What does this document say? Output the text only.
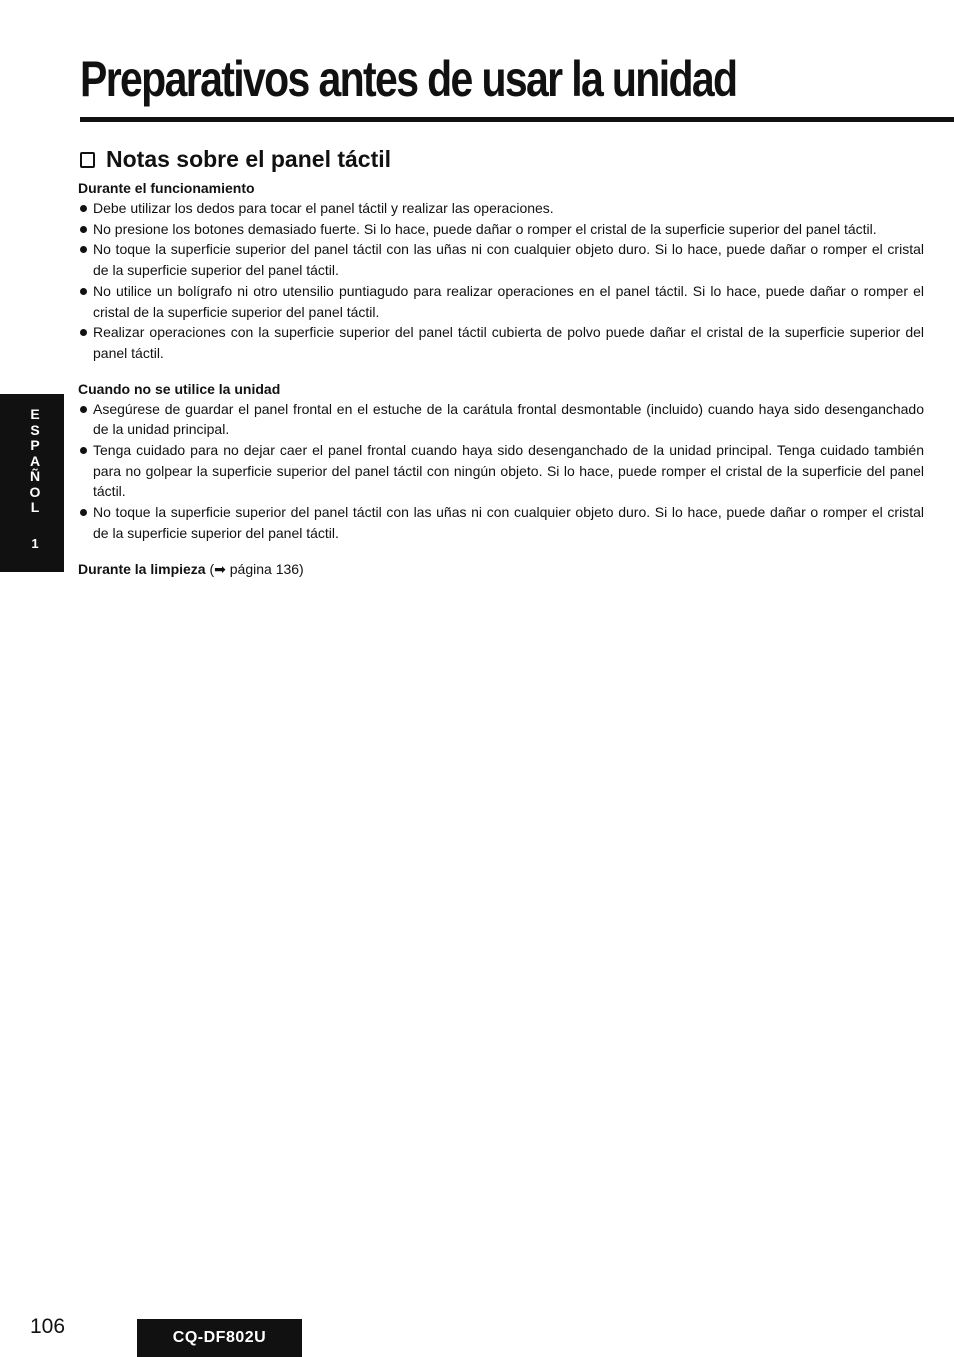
Preparativos antes de usar la unidad
Notas sobre el panel táctil

Durante el funcionamiento

Debe utilizar los dedos para tocar el panel táctil y realizar las operaciones.
No presione los botones demasiado fuerte. Si lo hace, puede dañar o romper el cristal de la superficie superior del panel táctil.
No toque la superficie superior del panel táctil con las uñas ni con cualquier objeto duro. Si lo hace, puede dañar o romper el cristal de la superficie superior del panel táctil.
No utilice un bolígrafo ni otro utensilio puntiagudo para realizar operaciones en el panel táctil. Si lo hace, puede dañar o romper el cristal de la superficie superior del panel táctil.
Realizar operaciones con la superficie superior del panel táctil cubierta de polvo puede dañar el cristal de la superficie superior del panel táctil.

Cuando no se utilice la unidad

Asegúrese de guardar el panel frontal en el estuche de la carátula frontal desmontable (incluido) cuando haya sido desenganchado de la unidad principal.
Tenga cuidado para no dejar caer el panel frontal cuando haya sido desenganchado de la unidad principal. Tenga cuidado también para no golpear la superficie superior del panel táctil con ningún objeto. Si lo hace, puede romper el cristal de la superficie del panel táctil.
No toque la superficie superior del panel táctil con las uñas ni con cualquier objeto duro. Si lo hace, puede dañar o romper el cristal de la superficie superior del panel táctil.

Durante la limpieza (➡ página 136)

E
S
P
A
Ñ
O
L
1
106	CQ-DF802U
